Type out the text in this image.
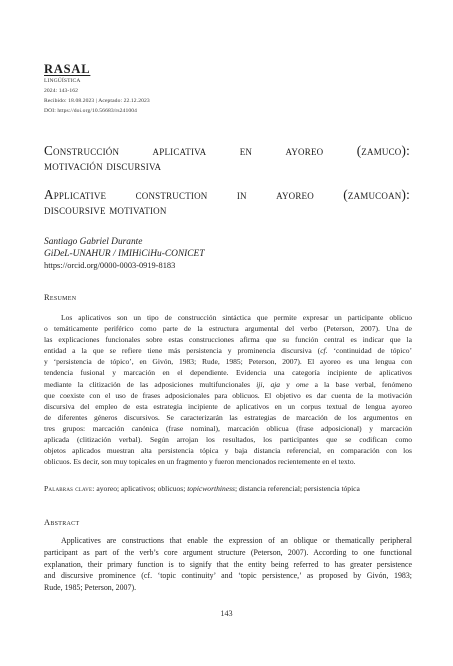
RASAL
LINGÜÍSTICA
2024: 143-162
Recibido: 18.08.2023 | Aceptado: 22.12.2023
DOI: https://doi.org/10.56683/rs241004
Construcción	aplicativa	en	ayoreo	(zamuco):
motivación discursiva
Applicative construction in ayoreo (zamucoan):
discoursive motivation
Santiago Gabriel Durante
GiDeL-UNAHUR / IMIHiCiHu-CONICET
https://orcid.org/0000-0003-0919-8183
Resumen
Los aplicativos son un tipo de construcción sintáctica que permite expresar un participante oblicuo
o temáticamente periférico como parte de la estructura argumental del verbo (Peterson, 2007). Una de
las explicaciones funcionales sobre estas construcciones afirma que su función central es indicar que la
entidad a la que se refiere tiene más persistencia y prominencia discursiva (cf. ‘continuidad de tópico’
y ‘persistencia de tópico’, en Givón, 1983; Rude, 1985; Peterson, 2007). El ayoreo es una lengua con
tendencia fusional y marcación en el dependiente. Evidencia una categoría incipiente de aplicativos
mediante la clitización de las adposiciones multifuncionales iji, aja y ome a la base verbal, fenómeno
que coexiste con el uso de frases adposicionales para oblicuos. El objetivo es dar cuenta de la motivación
discursiva del empleo de esta estrategia incipiente de aplicativos en un corpus textual de lengua ayoreo
de diferentes géneros discursivos. Se caracterizarán las estrategias de marcación de los argumentos en
tres grupos: marcación canónica (frase nominal), marcación oblicua (frase adposicional) y marcación
aplicada (clitización verbal). Según arrojan los resultados, los participantes que se codifican como
objetos aplicados muestran alta persistencia tópica y baja distancia referencial, en comparación con los
oblicuos. Es decir, son muy topicales en un fragmento y fueron mencionados recientemente en el texto.
Palabras clave: ayoreo; aplicativos; oblicuos; topicworthiness; distancia referencial; persistencia tópica
Abstract
Applicatives are constructions that enable the expression of an oblique or thematically peripheral
participant as part of the verb’s core argument structure (Peterson, 2007). According to one functional
explanation, their primary function is to signify that the entity being referred to has greater persistence
and discursive prominence (cf. ‘topic continuity’ and ‘topic persistence,’ as proposed by Givón, 1983;
Rude, 1985; Peterson, 2007).
143
